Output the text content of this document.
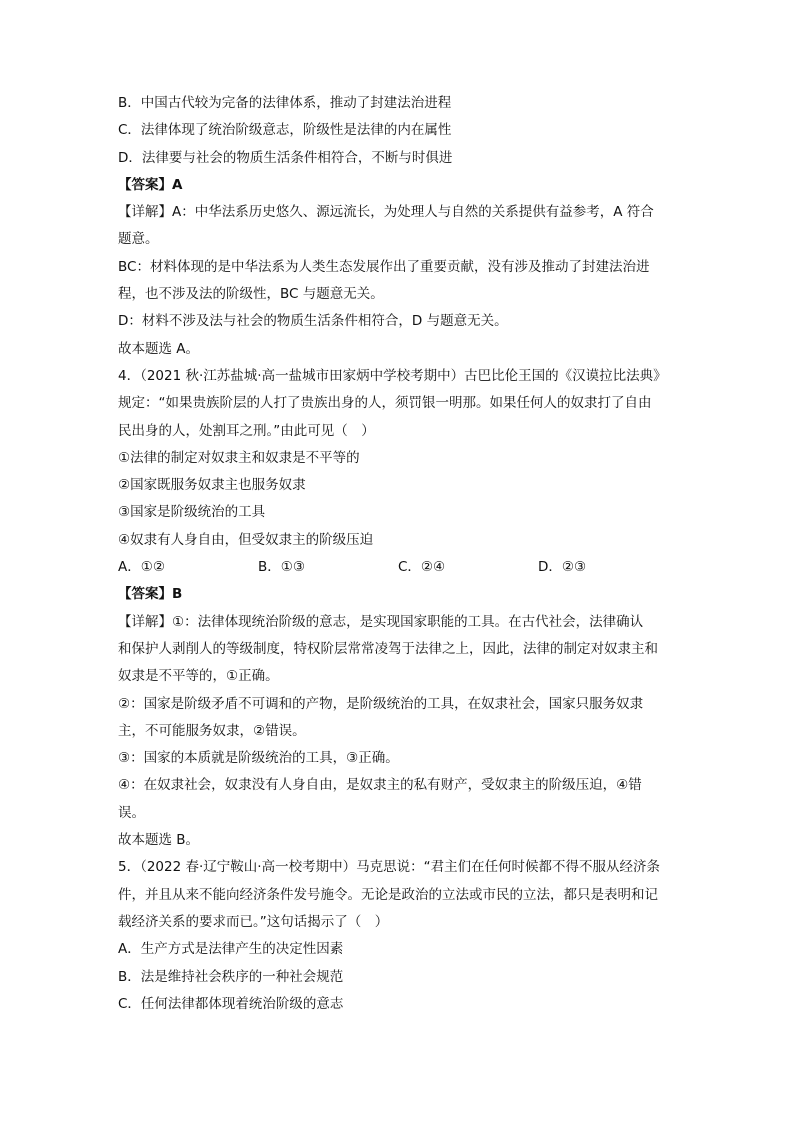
B．中国古代较为完备的法律体系，推动了封建法治进程
C．法律体现了统治阶级意志，阶级性是法律的内在属性
D．法律要与社会的物质生活条件相符合，不断与时俱进
【答案】A
【详解】A：中华法系历史悠久、源远流长，为处理人与自然的关系提供有益参考，A 符合
题意。
BC：材料体现的是中华法系为人类生态发展作出了重要贡献，没有涉及推动了封建法治进
程，也不涉及法的阶级性，BC 与题意无关。
D：材料不涉及法与社会的物质生活条件相符合，D 与题意无关。
故本题选 A。
4．（2021 秋·江苏盐城·高一盐城市田家炳中学校考期中）古巴比伦王国的《汉谟拉比法典》
规定：“如果贵族阶层的人打了贵族出身的人，须罚银一明那。如果任何人的奴隶打了自由
民出身的人，处割耳之刑。”由此可见（　）
①法律的制定对奴隶主和奴隶是不平等的
②国家既服务奴隶主也服务奴隶
③国家是阶级统治的工具
④奴隶有人身自由，但受奴隶主的阶级压迫
A．①②	B．①③	C．②④	D．②③
【答案】B
【详解】①：法律体现统治阶级的意志，是实现国家职能的工具。在古代社会，法律确认
和保护人剥削人的等级制度，特权阶层常常凌驾于法律之上，因此，法律的制定对奴隶主和
奴隶是不平等的，①正确。
②：国家是阶级矛盾不可调和的产物，是阶级统治的工具，在奴隶社会，国家只服务奴隶
主，不可能服务奴隶，②错误。
③：国家的本质就是阶级统治的工具，③正确。
④：在奴隶社会，奴隶没有人身自由，是奴隶主的私有财产，受奴隶主的阶级压迫，④错
误。
故本题选 B。
5．（2022 春·辽宁鞍山·高一校考期中）马克思说：“君主们在任何时候都不得不服从经济条
件，并且从来不能向经济条件发号施令。无论是政治的立法或市民的立法，都只是表明和记
载经济关系的要求而已。”这句话揭示了（　）
A．生产方式是法律产生的决定性因素
B．法是维持社会秩序的一种社会规范
C．任何法律都体现着统治阶级的意志
